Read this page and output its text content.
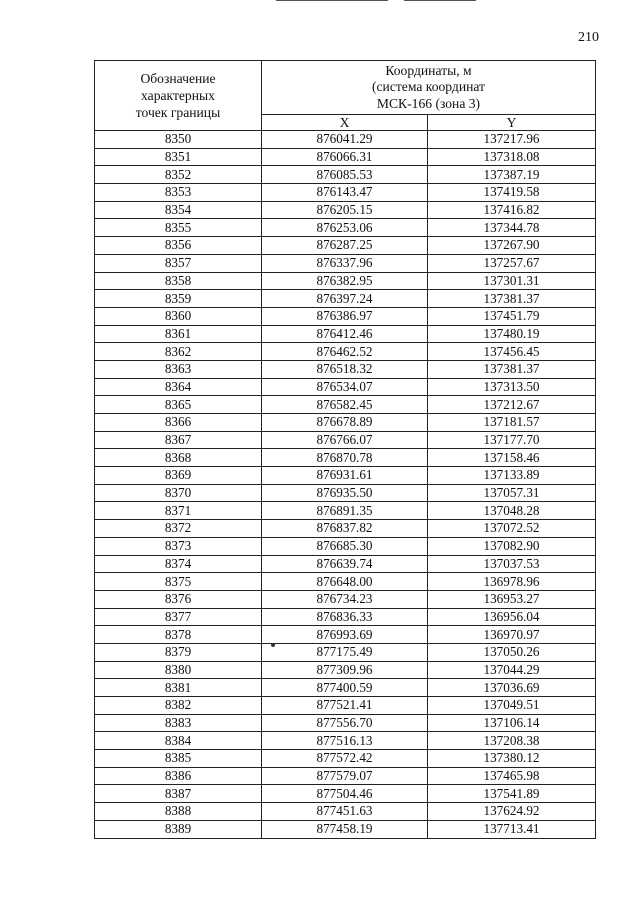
210
Обозначение
характерных
точек границы	Координаты, м
(система координат
МСК-166 (зона 3)	
	X	Y
8350	876041.29	137217.96
8351	876066.31	137318.08
8352	876085.53	137387.19
8353	876143.47	137419.58
8354	876205.15	137416.82
8355	876253.06	137344.78
8356	876287.25	137267.90
8357	876337.96	137257.67
8358	876382.95	137301.31
8359	876397.24	137381.37
8360	876386.97	137451.79
8361	876412.46	137480.19
8362	876462.52	137456.45
8363	876518.32	137381.37
8364	876534.07	137313.50
8365	876582.45	137212.67
8366	876678.89	137181.57
8367	876766.07	137177.70
8368	876870.78	137158.46
8369	876931.61	137133.89
8370	876935.50	137057.31
8371	876891.35	137048.28
8372	876837.82	137072.52
8373	876685.30	137082.90
8374	876639.74	137037.53
8375	876648.00	136978.96
8376	876734.23	136953.27
8377	876836.33	136956.04
8378	876993.69	136970.97
8379	877175.49	137050.26
8380	877309.96	137044.29
8381	877400.59	137036.69
8382	877521.41	137049.51
8383	877556.70	137106.14
8384	877516.13	137208.38
8385	877572.42	137380.12
8386	877579.07	137465.98
8387	877504.46	137541.89
8388	877451.63	137624.92
8389	877458.19	137713.41
